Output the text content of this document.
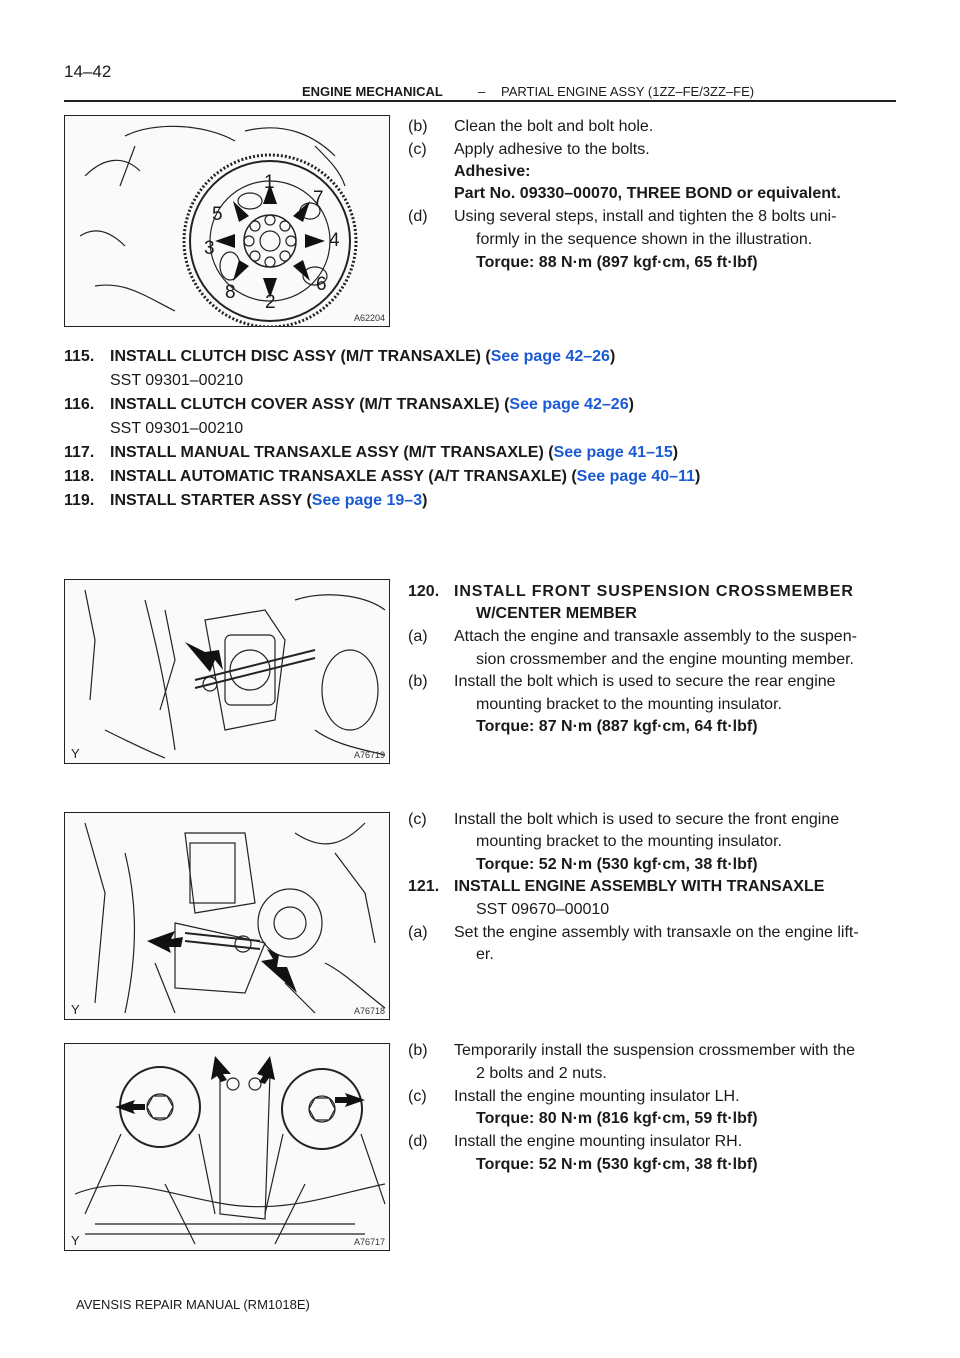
14–42
ENGINE MECHANICAL	– PARTIAL ENGINE ASSY (1ZZ–FE/3ZZ–FE)
1
2
3	4
5
6
7
8
A62204
(b) Clean the bolt and bolt hole.
(c) Apply adhesive to the bolts.
Adhesive:
Part No. 09330–00070, THREE BOND or equivalent.
(d) Using several steps, install and tighten the 8 bolts uni-
formly in the sequence shown in the illustration.
Torque: 88 N·m (897 kgf·cm, 65 ft·lbf)
115. INSTALL CLUTCH DISC ASSY (M/T TRANSAXLE) (See page 42–26)
SST 09301–00210
116. INSTALL CLUTCH COVER ASSY (M/T TRANSAXLE) (See page 42–26)
SST 09301–00210
117. INSTALL MANUAL TRANSAXLE ASSY (M/T TRANSAXLE) (See page 41–15)
118. INSTALL AUTOMATIC TRANSAXLE ASSY (A/T TRANSAXLE) (See page 40–11)
119. INSTALL STARTER ASSY (See page 19–3)
Y	A76719
120. INSTALL FRONT SUSPENSION CROSSMEMBER
W/CENTER MEMBER
(a) Attach the engine and transaxle assembly to the suspen-
sion crossmember and the engine mounting member.
(b) Install the bolt which is used to secure the rear engine
mounting bracket to the mounting insulator.
Torque: 87 N·m (887 kgf·cm, 64 ft·lbf)
Y	A76718
(c) Install the bolt which is used to secure the front engine
mounting bracket to the mounting insulator.
Torque: 52 N·m (530 kgf·cm, 38 ft·lbf)
121. INSTALL ENGINE ASSEMBLY WITH TRANSAXLE
SST 09670–00010
(a) Set the engine assembly with transaxle on the engine lift-
er.
Y	A76717
(b) Temporarily install the suspension crossmember with the
2 bolts and 2 nuts.
(c) Install the engine mounting insulator LH.
Torque: 80 N·m (816 kgf·cm, 59 ft·lbf)
(d) Install the engine mounting insulator RH.
Torque: 52 N·m (530 kgf·cm, 38 ft·lbf)
AVENSIS REPAIR MANUAL (RM1018E)
